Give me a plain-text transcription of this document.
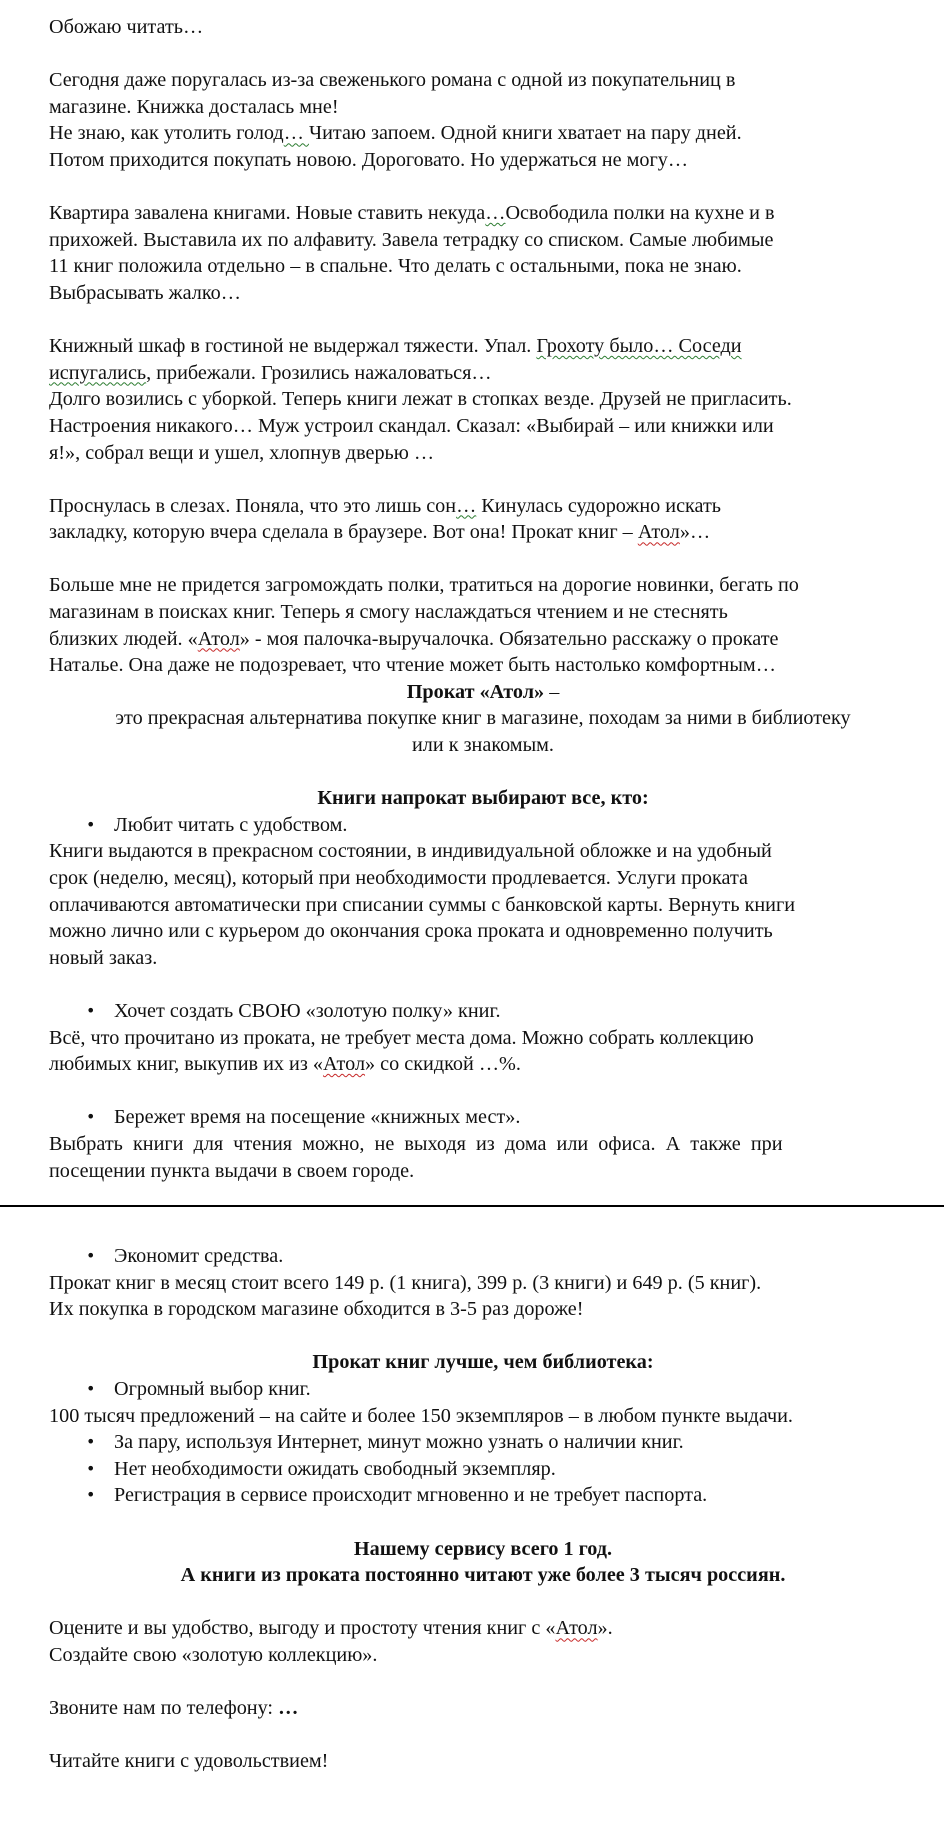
Обожаю читать…

Сегодня даже поругалась из-за свеженького романа с одной из покупательниц в

магазине. Книжка досталась мне!

Не знаю, как утолить голод… Читаю запоем. Одной книги хватает на пару дней.

Потом приходится покупать новою. Дороговато. Но удержаться не могу…

Квартира завалена книгами. Новые ставить некуда…Освободила полки на кухне и в

прихожей. Выставила их по алфавиту. Завела тетрадку со списком. Самые любимые

11 книг положила отдельно – в спальне. Что делать с остальными, пока не знаю.

Выбрасывать жалко…

Книжный шкаф в гостиной не выдержал тяжести. Упал. Грохоту было… Соседи

испугались, прибежали. Грозились нажаловаться…

Долго возились с уборкой. Теперь книги лежат в стопках везде. Друзей не пригласить.

Настроения никакого… Муж устроил скандал. Сказал: «Выбирай – или книжки или

я!», собрал вещи и ушел, хлопнув дверью …

Проснулась в слезах. Поняла, что это лишь сон… Кинулась судорожно искать

закладку, которую вчера сделала в браузере. Вот она! Прокат книг – Атол»…

Больше мне не придется загромождать полки, тратиться на дорогие новинки, бегать по

магазинам в поисках книг. Теперь я смогу наслаждаться чтением и не стеснять

близких людей. «Атол» - моя палочка-выручалочка. Обязательно расскажу о прокате

Натальe. Она даже не подозревает, что чтение может быть настолько комфортным…

Прокат «Атол» –

это прекрасная альтернатива покупке книг в магазине, походам за ними в библиотеку

или к знакомым.

Книги напрокат выбирают все, кто:

• Любит читать с удобством.

Книги выдаются в прекрасном состоянии, в индивидуальной обложке и на удобный

срок (неделю, месяц), который при необходимости продлевается. Услуги проката

оплачиваются автоматически при списании суммы с банковской карты. Вернуть книги

можно лично или с курьером до окончания срока проката и одновременно получить

новый заказ.

• Хочет создать СВОЮ «золотую полку» книг.

Всё, что прочитано из проката, не требует места дома. Можно собрать коллекцию

любимых книг, выкупив их из «Атол» со скидкой …%.

• Бережет время на посещение «книжных мест».

Выбрать  книги  для  чтения  можно,  не  выходя  из  дома  или  офиса.  А  также  при

посещении пункта выдачи в своем городе.

• Экономит средства.

Прокат книг в месяц стоит всего 149 р. (1 книга), 399 р. (3 книги) и 649 р. (5 книг).

Их покупка в городском магазине обходится в 3-5 раз дороже!

Прокат книг лучше, чем библиотека:

• Огромный выбор книг.

100 тысяч предложений – на сайте и более 150 экземпляров – в любом пункте выдачи.

• За пару, используя Интернет, минут можно узнать о наличии книг.
• Нет необходимости ожидать свободный экземпляр.
• Регистрация в сервисе происходит мгновенно и не требует паспорта.

Нашему сервису всего 1 год.

А книги из проката постоянно читают уже более 3 тысяч россиян.

Оцените и вы удобство, выгоду и простоту чтения книг с «Атол».

Создайте свою «золотую коллекцию».

Звоните нам по телефону: …

Читайте книги с удовольствием!
